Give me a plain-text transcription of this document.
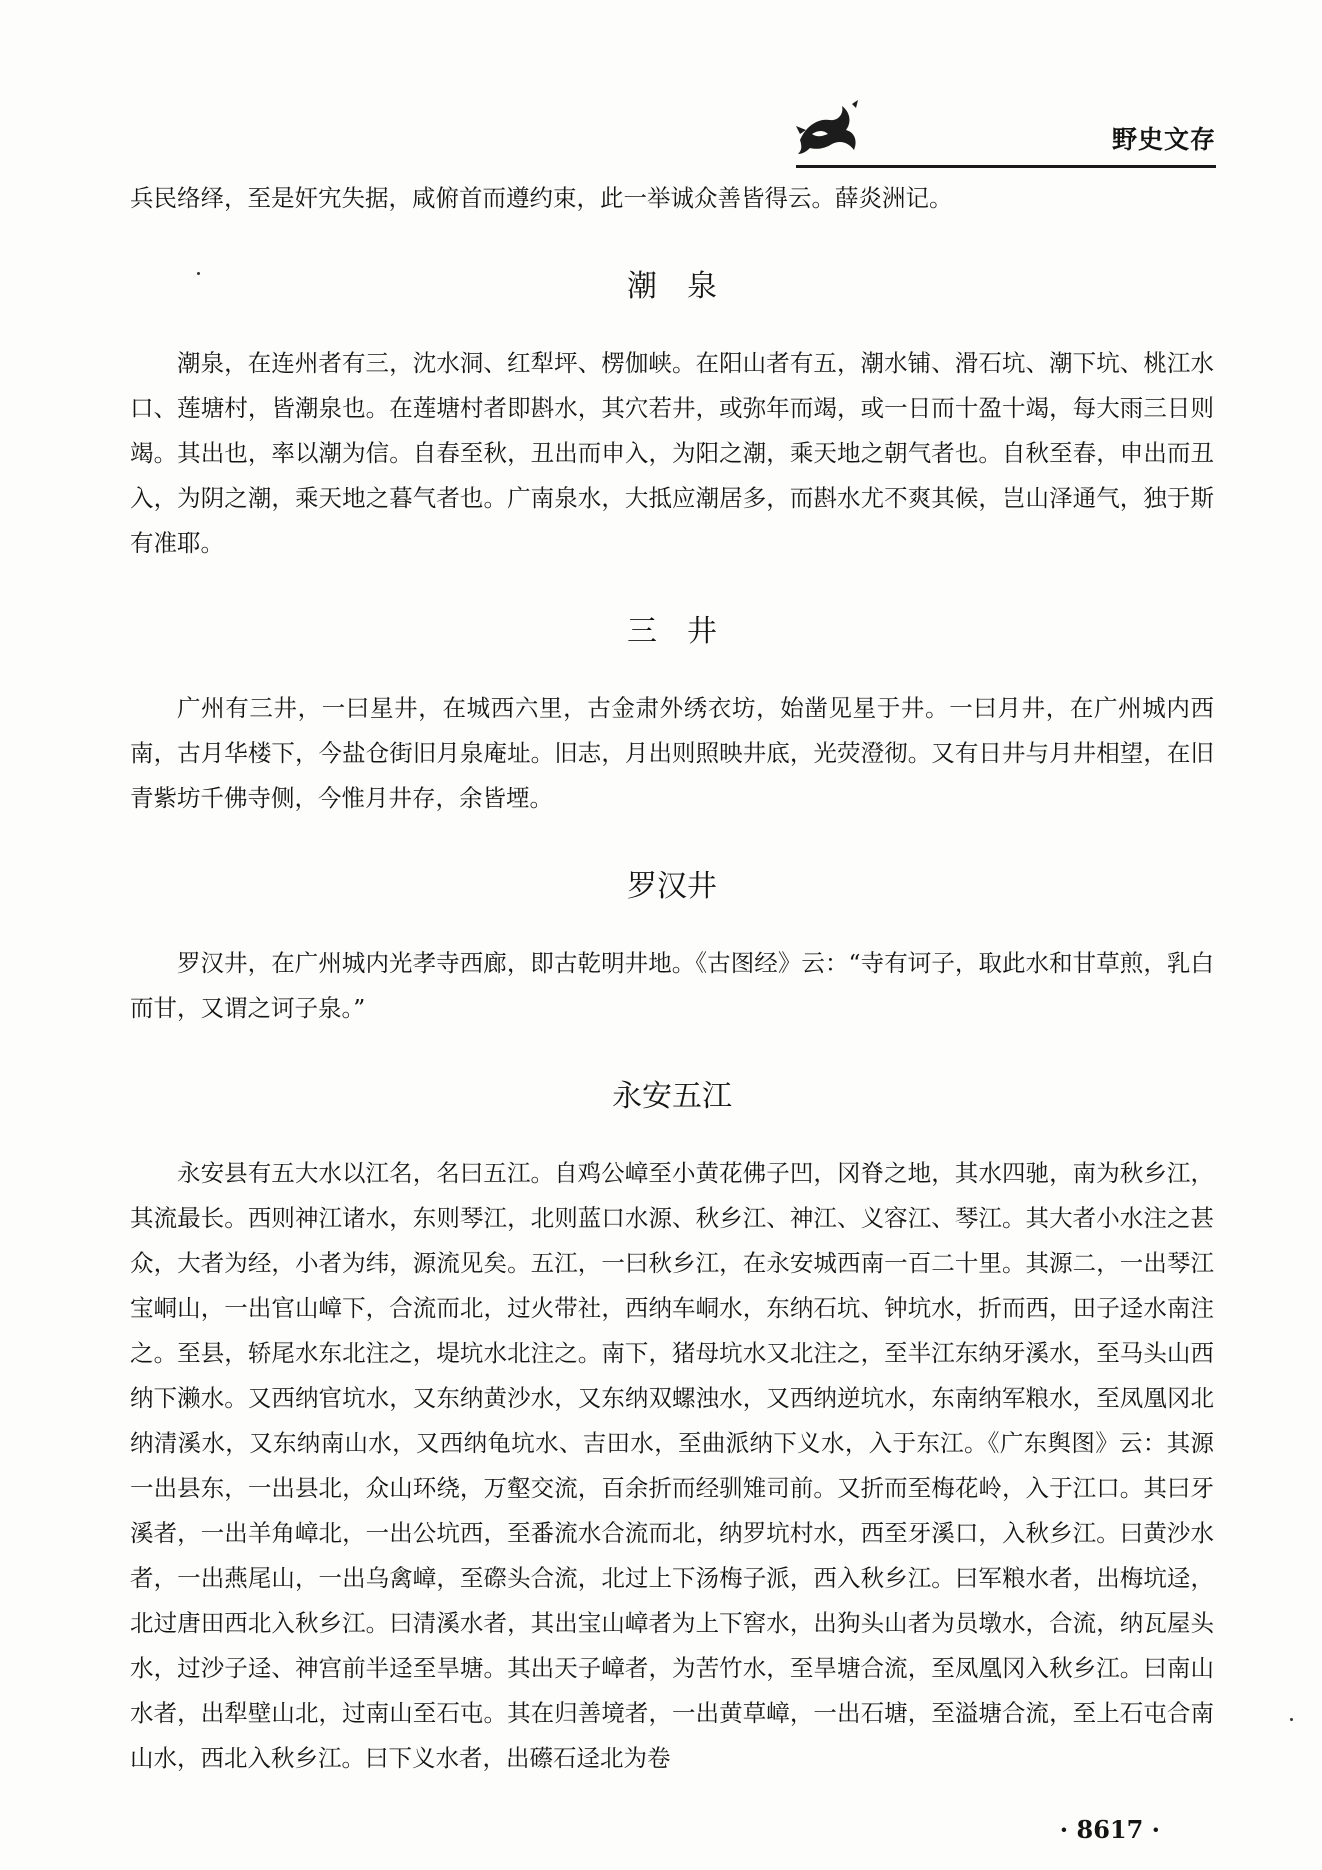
野史文存

兵民络绎，至是奸宄失据，咸俯首而遵约束，此一举诚众善皆得云。薛炎洲记。

潮　泉

潮泉，在连州者有三，沈水洞、红犁坪、楞伽峡。在阳山者有五，潮水铺、滑石坑、潮下坑、桃江水口、莲塘村，皆潮泉也。在莲塘村者即斟水，其穴若井，或弥年而竭，或一日而十盈十竭，每大雨三日则竭。其出也，率以潮为信。自春至秋，丑出而申入，为阳之潮，乘天地之朝气者也。自秋至春，申出而丑入，为阴之潮，乘天地之暮气者也。广南泉水，大抵应潮居多，而斟水尤不爽其候，岂山泽通气，独于斯有准耶。

三　井

广州有三井，一曰星井，在城西六里，古金肃外绣衣坊，始凿见星于井。一曰月井，在广州城内西南，古月华楼下，今盐仓街旧月泉庵址。旧志，月出则照映井底，光荧澄彻。又有日井与月井相望，在旧青紫坊千佛寺侧，今惟月井存，余皆堙。

罗汉井

罗汉井，在广州城内光孝寺西廊，即古乾明井地。《古图经》云：“寺有诃子，取此水和甘草煎，乳白而甘，又谓之诃子泉。”

永安五江

永安县有五大水以江名，名曰五江。自鸡公嶂至小黄花佛子凹，冈脊之地，其水四驰，南为秋乡江，其流最长。西则神江诸水，东则琴江，北则蓝口水源、秋乡江、神江、义容江、琴江。其大者小水注之甚众，大者为经，小者为纬，源流见矣。五江，一曰秋乡江，在永安城西南一百二十里。其源二，一出琴江宝峒山，一出官山嶂下，合流而北，过火带社，西纳车峒水，东纳石坑、钟坑水，折而西，田子迳水南注之。至县，轿尾水东北注之，堤坑水北注之。南下，猪母坑水又北注之，至半江东纳牙溪水，至马头山西纳下濑水。又西纳官坑水，又东纳黄沙水，又东纳双螺浊水，又西纳逆坑水，东南纳军粮水，至凤凰冈北纳清溪水，又东纳南山水，又西纳龟坑水、吉田水，至曲派纳下义水，入于东江。《广东舆图》云：其源一出县东，一出县北，众山环绕，万壑交流，百余折而经驯雉司前。又折而至梅花岭，入于江口。其曰牙溪者，一出羊角嶂北，一出公坑西，至番流水合流而北，纳罗坑村水，西至牙溪口，入秋乡江。曰黄沙水者，一出燕尾山，一出乌禽嶂，至磜头合流，北过上下汤梅子派，西入秋乡江。曰军粮水者，出梅坑迳，北过唐田西北入秋乡江。曰清溪水者，其出宝山嶂者为上下窖水，出狗头山者为员墩水，合流，纳瓦屋头水，过沙子迳、神宫前半迳至旱塘。其出天子嶂者，为苦竹水，至旱塘合流，至凤凰冈入秋乡江。曰南山水者，出犁壁山北，过南山至石屯。其在归善境者，一出黄草嶂，一出石塘，至溢塘合流，至上石屯合南山水，西北入秋乡江。曰下义水者，出礤石迳北为卷

· 8617 ·
